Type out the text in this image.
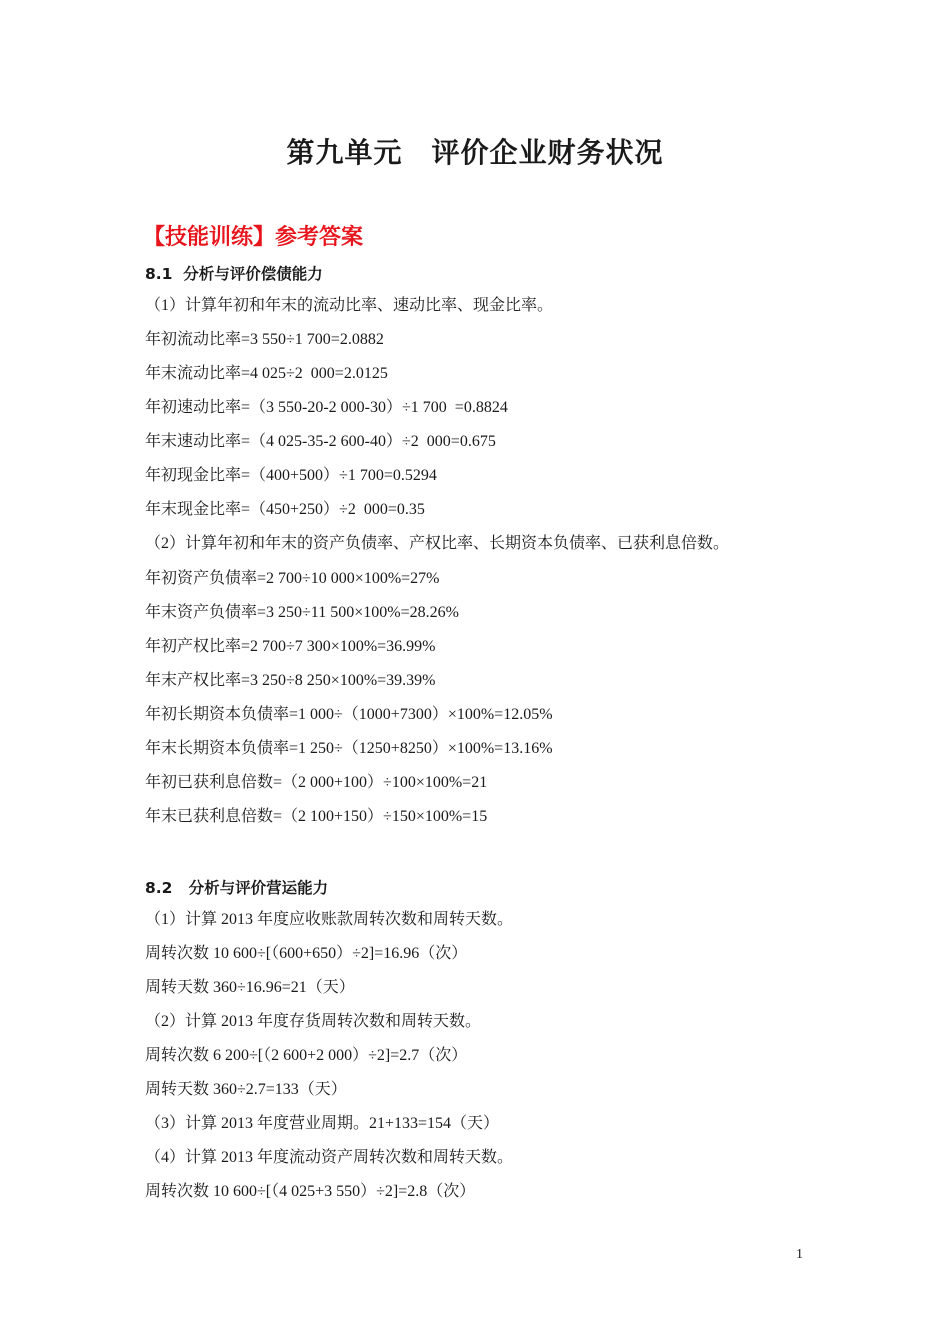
第九单元　评价企业财务状况
【技能训练】参考答案
8.1  分析与评价偿债能力
（1）计算年初和年末的流动比率、速动比率、现金比率。
年初流动比率=3 550÷1 700=2.0882
年末流动比率=4 025÷2  000=2.0125
年初速动比率=（3 550-20-2 000-30）÷1 700  =0.8824
年末速动比率=（4 025-35-2 600-40）÷2  000=0.675
年初现金比率=（400+500）÷1 700=0.5294
年末现金比率=（450+250）÷2  000=0.35
（2）计算年初和年末的资产负债率、产权比率、长期资本负债率、已获利息倍数。
年初资产负债率=2 700÷10 000×100%=27%
年末资产负债率=3 250÷11 500×100%=28.26%
年初产权比率=2 700÷7 300×100%=36.99%
年末产权比率=3 250÷8 250×100%=39.39%
年初长期资本负债率=1 000÷（1000+7300）×100%=12.05%
年末长期资本负债率=1 250÷（1250+8250）×100%=13.16%
年初已获利息倍数=（2 000+100）÷100×100%=21
年末已获利息倍数=（2 100+150）÷150×100%=15
8.2   分析与评价营运能力
（1）计算 2013 年度应收账款周转次数和周转天数。
周转次数 10 600÷[（600+650）÷2]=16.96（次）
周转天数 360÷16.96=21（天）
（2）计算 2013 年度存货周转次数和周转天数。
周转次数 6 200÷[（2 600+2 000）÷2]=2.7（次）
周转天数 360÷2.7=133（天）
（3）计算 2013 年度营业周期。21+133=154（天）
（4）计算 2013 年度流动资产周转次数和周转天数。
周转次数 10 600÷[（4 025+3 550）÷2]=2.8（次）
1
